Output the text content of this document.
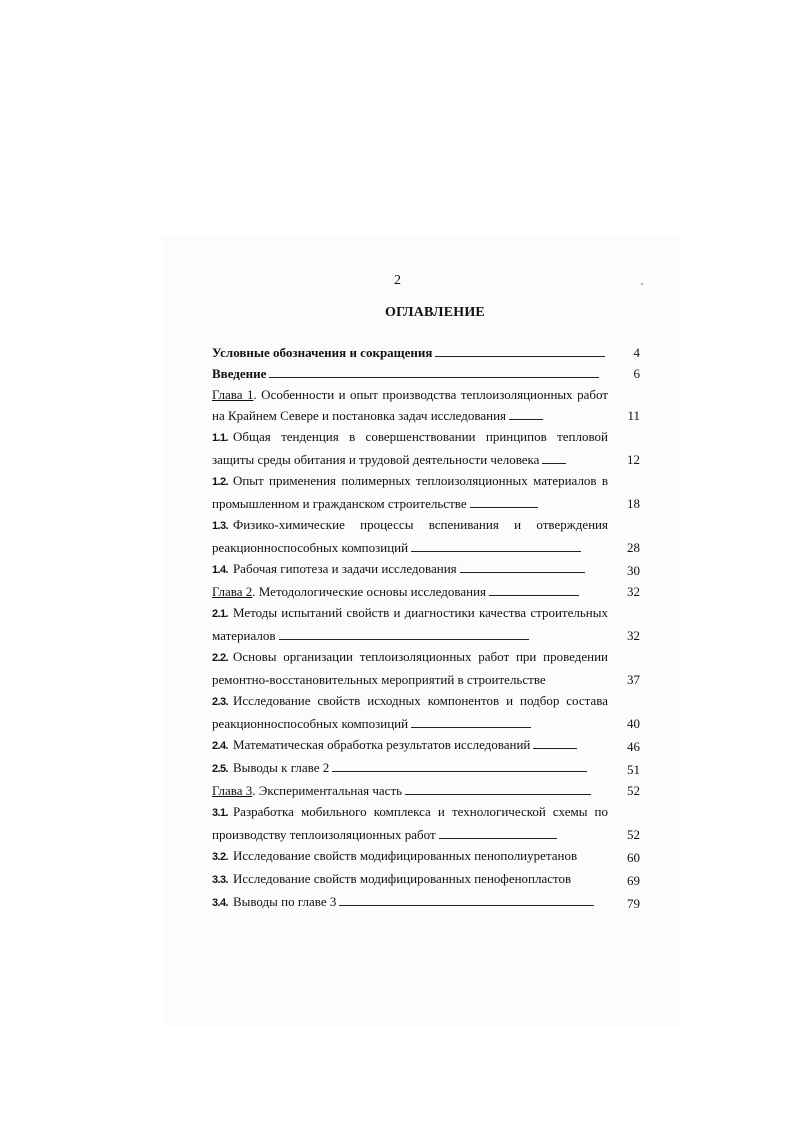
2
ОГЛАВЛЕНИЕ
Условные обозначения и сокращения	4
Введение	6
Глава 1. Особенности и опыт производства теплоизоляционных работ на Крайнем Севере и постановка задач исследования	11
1.1. Общая тенденция в совершенствовании принципов тепловой защиты среды обитания и трудовой деятельности человека	12
1.2. Опыт применения полимерных теплоизоляционных материалов в промышленном и гражданском строительстве	18
1.3. Физико-химические процессы вспенивания и отверждения реакционноспособных композиций	28
1.4. Рабочая гипотеза и задачи исследования	30
Глава 2. Методологические основы исследования	32
2.1. Методы испытаний свойств и диагностики качества строительных материалов	32
2.2. Основы организации теплоизоляционных работ при проведении ремонтно-восстановительных мероприятий в строительстве	37
2.3. Исследование свойств исходных компонентов и подбор состава реакционноспособных композиций	40
2.4. Математическая обработка результатов исследований	46
2.5. Выводы к главе 2	51
Глава 3. Экспериментальная часть	52
3.1. Разработка мобильного комплекса и технологической схемы по производству теплоизоляционных работ	52
3.2. Исследование свойств модифицированных пенополиуретанов	60
3.3. Исследование свойств модифицированных пенофенопластов	69
3.4. Выводы по главе 3	79
